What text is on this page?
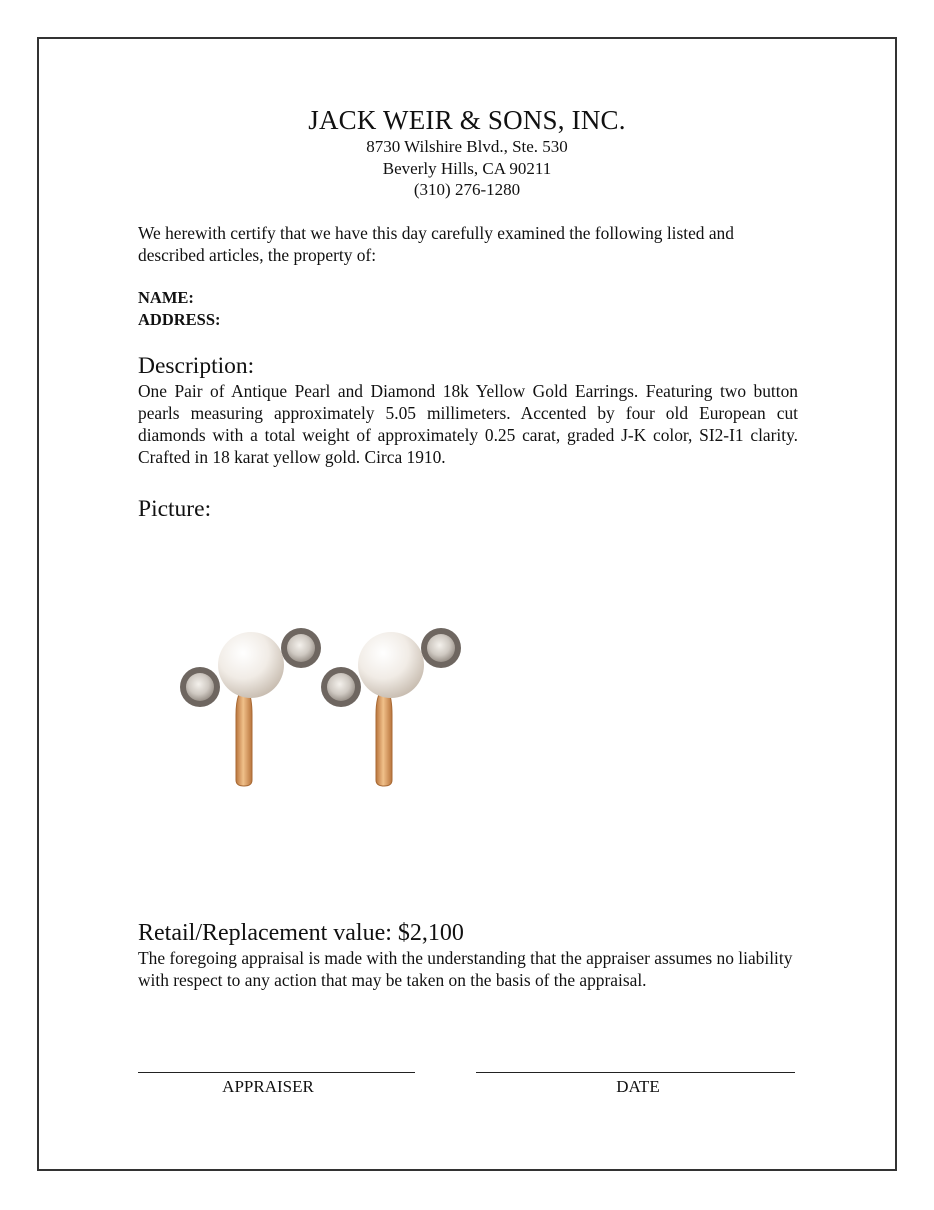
JACK WEIR & SONS, INC.
8730 Wilshire Blvd., Ste. 530
Beverly Hills, CA 90211
(310) 276-1280
We herewith certify that we have this day carefully examined the following listed and described articles, the property of:
NAME:
ADDRESS:
Description:
One Pair of Antique Pearl and Diamond 18k Yellow Gold Earrings. Featuring two button pearls measuring approximately 5.05 millimeters. Accented by four old European cut diamonds with a total weight of approximately 0.25 carat, graded J-K color, SI2-I1 clarity. Crafted in 18 karat yellow gold. Circa 1910.
Picture:
Retail/Replacement value: $2,100
The foregoing appraisal is made with the understanding that the appraiser assumes no liability with respect to any action that may be taken on the basis of the appraisal.
APPRAISER	DATE
